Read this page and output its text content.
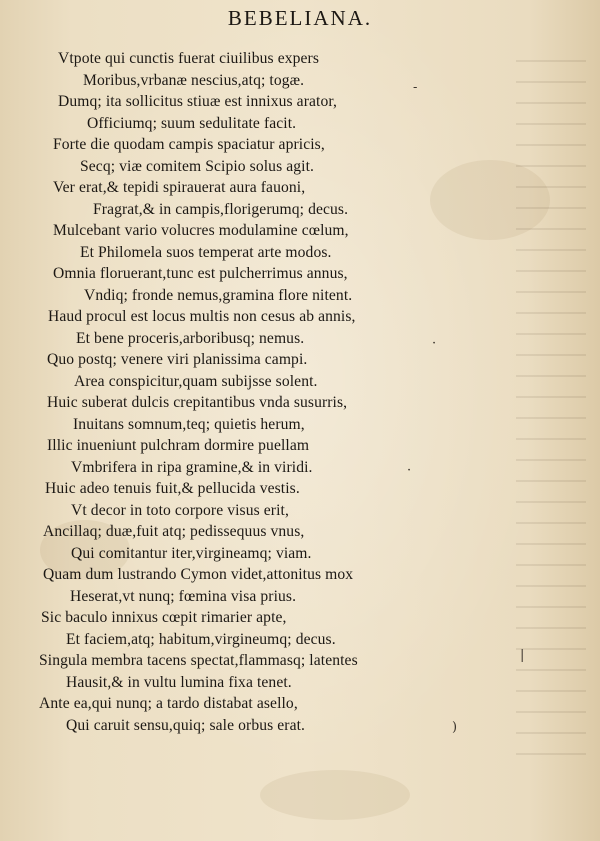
BEBELIANA.
Vtpote qui cunctis fuerat ciuilibus expers
Moribus,vrbanæ nescius,atq; togæ.
Dumq; ita sollicitus stiuæ est innixus arator,
Officiumq; suum sedulitate facit.
Forte die quodam campis spaciatur apricis,
Secq; viæ comitem Scipio solus agit.
Ver erat,& tepidi spirauerat aura fauoni,
Fragrat,& in campis,florigerumq; decus.
Mulcebant vario volucres modulamine cœlum,
Et Philomela suos temperat arte modos.
Omnia floruerant,tunc est pulcherrimus annus,
Vndiq; fronde nemus,gramina flore nitent.
Haud procul est locus multis non cesus ab annis,
Et bene proceris,arboribusq; nemus.
Quo postq; venere viri planissima campi.
Area conspicitur,quam subijsse solent.
Huic suberat dulcis crepitantibus vnda susurris,
Inuitans somnum,teq; quietis herum,
Illic inueniunt pulchram dormire puellam
Vmbrifera in ripa gramine,& in viridi.
Huic adeo tenuis fuit,& pellucida vestis.
Vt decor in toto corpore visus erit,
Ancillaq; duæ,fuit atq; pedissequus vnus,
Qui comitantur iter,virgineamq; viam.
Quam dum lustrando Cymon videt,attonitus mox
Heserat,vt nunq; fœmina visa prius.
Sic baculo innixus cœpit rimarier apte,
Et faciem,atq; habitum,virgineumq; decus.
Singula membra tacens spectat,flammasq; latentes
Hausit,& in vultu lumina fixa tenet.
Ante ea,qui nunq; a tardo distabat asello,
Qui caruit sensu,quiq; sale orbus erat.
-
·
·
|
)
